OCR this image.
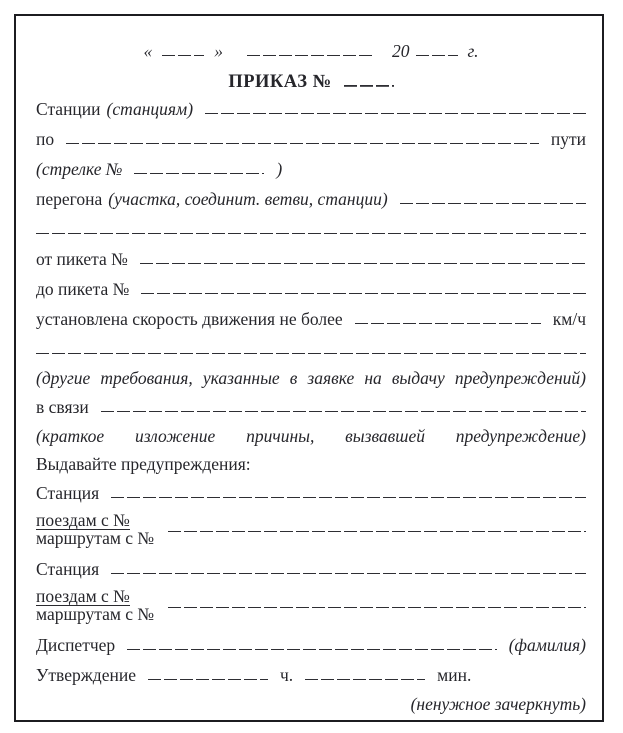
«	»	20	г.
ПРИКАЗ №
Станции (станциям)
по	пути
(стрелке №	)
перегона (участка, соединит. ветви, станции)
от пикета №
до пикета №
установлена скорость движения не более	км/ч
(другие требования, указанные в заявке на выдачу предупреждений)
в связи
(краткое изложение причины, вызвавшей предупреждение)
Выдавайте предупреждения:
Станция
$\frac{\text{поездам с №}}{\text{маршрутам с №}}$
Станция
$\frac{\text{поездам с №}}{\text{маршрутам с №}}$
Диспетчер	(фамилия)
Утверждение	ч.	мин.
(ненужное зачеркнуть)
